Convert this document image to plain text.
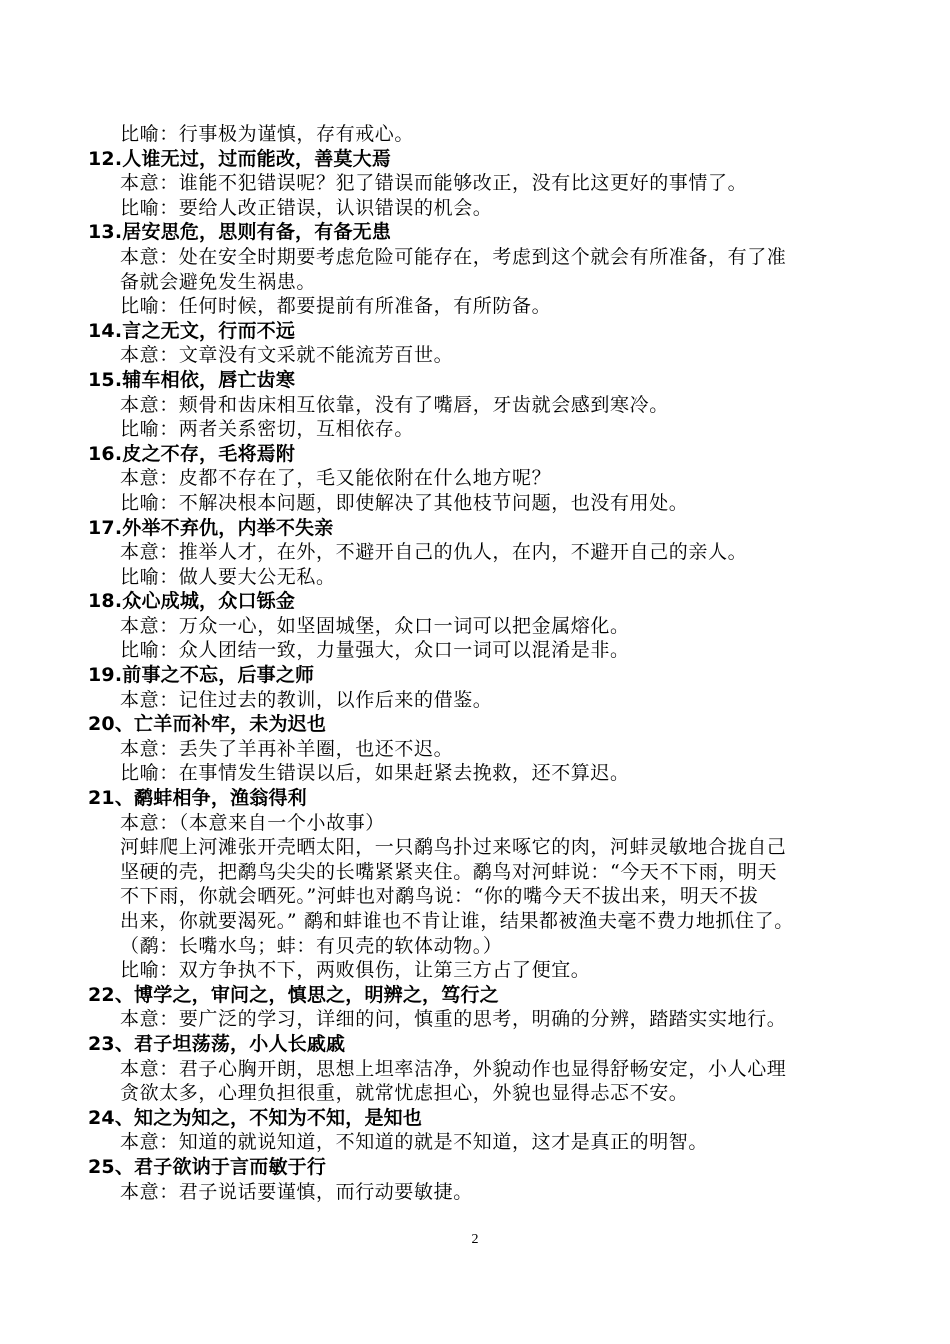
比喻：行事极为谨慎，存有戒心。
12.人谁无过，过而能改，善莫大焉
本意：谁能不犯错误呢？犯了错误而能够改正，没有比这更好的事情了。
比喻：要给人改正错误，认识错误的机会。
13.居安思危，思则有备，有备无患
本意：处在安全时期要考虑危险可能存在，考虑到这个就会有所准备，有了准
备就会避免发生祸患。
比喻：任何时候，都要提前有所准备，有所防备。
14.言之无文，行而不远
本意：文章没有文采就不能流芳百世。
15.辅车相依，唇亡齿寒
本意：颊骨和齿床相互依靠，没有了嘴唇，牙齿就会感到寒冷。
比喻：两者关系密切，互相依存。
16.皮之不存，毛将焉附
本意：皮都不存在了，毛又能依附在什么地方呢？
比喻：不解决根本问题，即使解决了其他枝节问题，也没有用处。
17.外举不弃仇，内举不失亲
本意：推举人才，在外，不避开自己的仇人，在内，不避开自己的亲人。
比喻：做人要大公无私。
18.众心成城，众口铄金
本意：万众一心，如坚固城堡，众口一词可以把金属熔化。
比喻：众人团结一致，力量强大，众口一词可以混淆是非。
19.前事之不忘，后事之师
本意：记住过去的教训，以作后来的借鉴。
20、亡羊而补牢，未为迟也
本意：丢失了羊再补羊圈，也还不迟。
比喻：在事情发生错误以后，如果赶紧去挽救，还不算迟。
21、鹬蚌相争，渔翁得利
本意：（本意来自一个小故事）
河蚌爬上河滩张开壳晒太阳，一只鹬鸟扑过来啄它的肉，河蚌灵敏地合拢自己
坚硬的壳，把鹬鸟尖尖的长嘴紧紧夹住。鹬鸟对河蚌说：“今天不下雨，明天
不下雨，你就会晒死。”河蚌也对鹬鸟说：“你的嘴今天不拔出来，明天不拔
出来，你就要渴死。” 鹬和蚌谁也不肯让谁，结果都被渔夫毫不费力地抓住了。
（鹬：长嘴水鸟；蚌：有贝壳的软体动物。）
比喻：双方争执不下，两败俱伤，让第三方占了便宜。
22、博学之，审问之，慎思之，明辨之，笃行之
本意：要广泛的学习，详细的问，慎重的思考，明确的分辨，踏踏实实地行。
23、君子坦荡荡，小人长戚戚
本意：君子心胸开朗，思想上坦率洁净，外貌动作也显得舒畅安定，小人心理
贪欲太多，心理负担很重，就常忧虑担心，外貌也显得忐忑不安。
24、知之为知之，不知为不知，是知也
本意：知道的就说知道，不知道的就是不知道，这才是真正的明智。
25、君子欲讷于言而敏于行
本意：君子说话要谨慎，而行动要敏捷。
2
